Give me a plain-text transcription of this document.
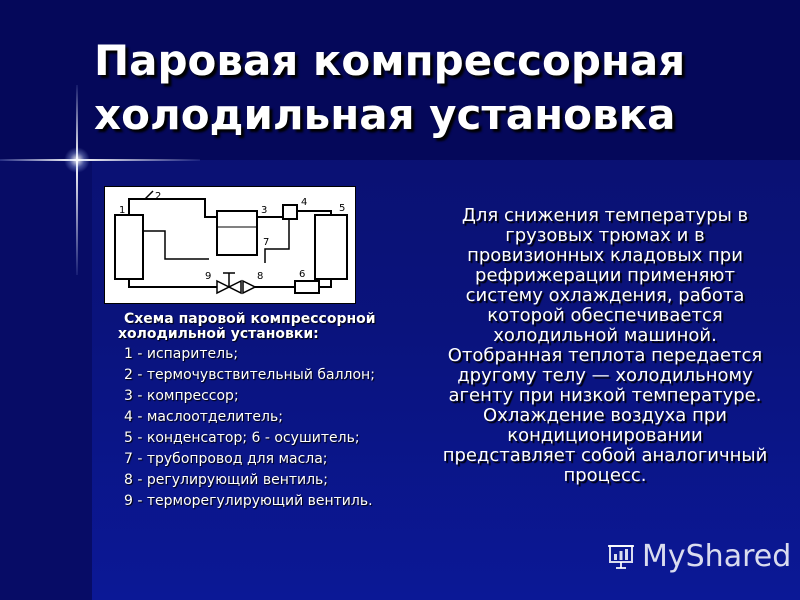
Паровая компрессорная
холодильная установка
1
2
3
4
5
6
7
8
9
Схема паровой компрессорной холодильной установки:
1 - испаритель;
2 - термочувствительный баллон;
3 - компрессор;
4 - маслоотделитель;
5 - конденсатор; 6 - осушитель;
7 - трубопровод для масла;
8 - регулирующий вентиль;
9 - терморегулирующий вентиль.
Для снижения температуры в грузовых трюмах и в провизионных кладовых при рефрижерации применяют систему охлаждения, работа которой обеспечивается холодильной машиной. Отобранная теплота передается другому телу — холодильному агенту при низкой температуре. Охлаждение воздуха при кондиционировании представляет собой аналогичный процесс.
MyShared
